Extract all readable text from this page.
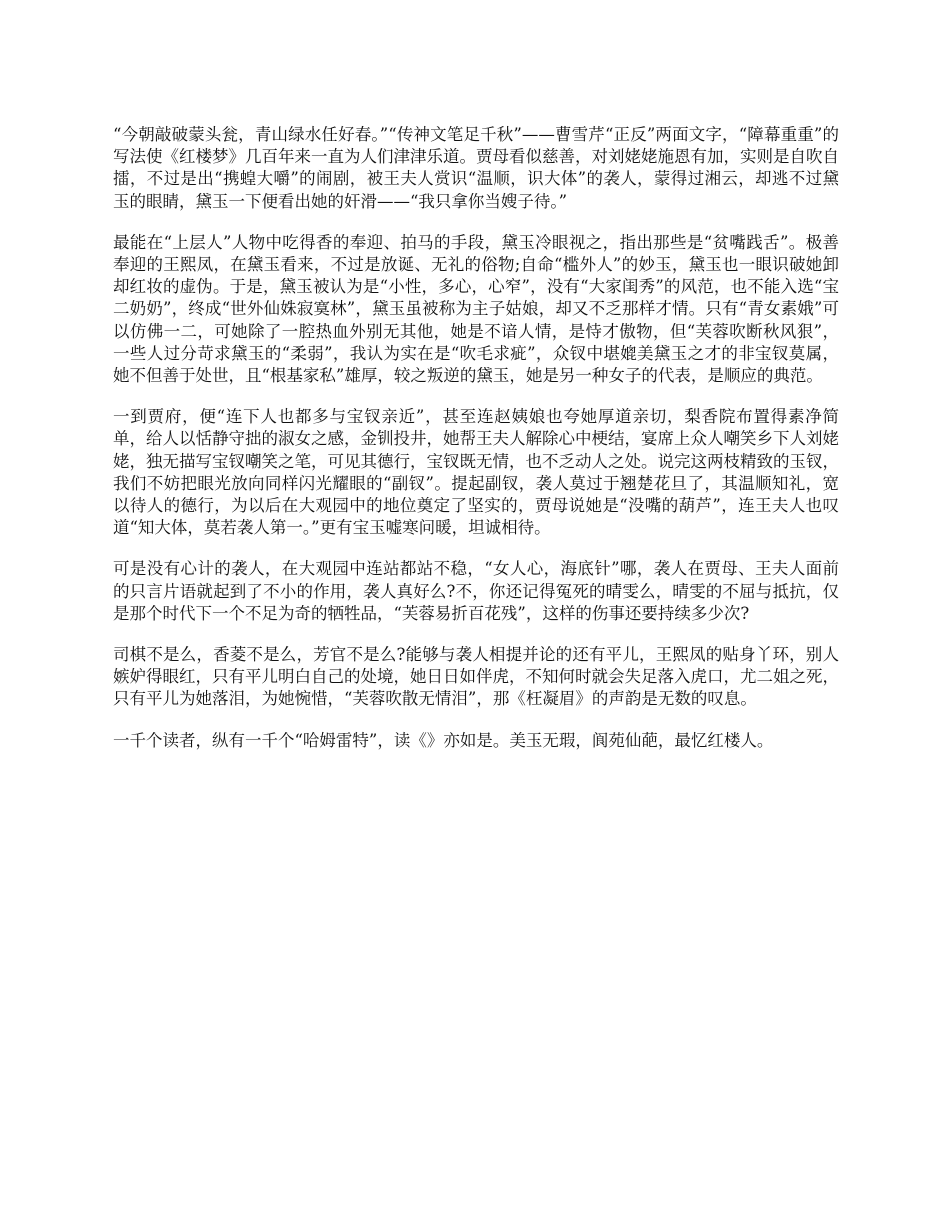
“今朝敲破蒙头瓮，青山绿水任好春。”“传神文笔足千秋”——曹雪芹“正反”两面文字，“障幕重重”的写法使《红楼梦》几百年来一直为人们津津乐道。贾母看似慈善，对刘姥姥施恩有加，实则是自吹自擂，不过是出“携蝗大嚼”的闹剧，被王夫人赏识“温顺，识大体”的袭人，蒙得过湘云，却逃不过黛玉的眼睛，黛玉一下便看出她的奸滑——“我只拿你当嫂子待。”

最能在“上层人”人物中吃得香的奉迎、拍马的手段，黛玉冷眼视之，指出那些是“贫嘴践舌”。极善奉迎的王熙凤，在黛玉看来，不过是放诞、无礼的俗物;自命“槛外人”的妙玉，黛玉也一眼识破她卸却红妆的虚伪。于是，黛玉被认为是“小性，多心，心窄”，没有“大家闺秀”的风范，也不能入选“宝二奶奶”，终成“世外仙姝寂寞林”，黛玉虽被称为主子姑娘，却又不乏那样才情。只有“青女素娥”可以仿佛一二，可她除了一腔热血外别无其他，她是不谙人情，是恃才傲物，但“芙蓉吹断秋风狠”，一些人过分苛求黛玉的“柔弱”，我认为实在是“吹毛求疵”，众钗中堪媲美黛玉之才的非宝钗莫属，她不但善于处世，且“根基家私”雄厚，较之叛逆的黛玉，她是另一种女子的代表，是顺应的典范。

一到贾府，便“连下人也都多与宝钗亲近”，甚至连赵姨娘也夸她厚道亲切，梨香院布置得素净简单，给人以恬静守拙的淑女之感，金钏投井，她帮王夫人解除心中梗结，宴席上众人嘲笑乡下人刘姥姥，独无描写宝钗嘲笑之笔，可见其德行，宝钗既无情，也不乏动人之处。说完这两枝精致的玉钗，我们不妨把眼光放向同样闪光耀眼的“副钗”。提起副钗，袭人莫过于翘楚花旦了，其温顺知礼，宽以待人的德行，为以后在大观园中的地位奠定了坚实的，贾母说她是“没嘴的葫芦”，连王夫人也叹道“知大体，莫若袭人第一。”更有宝玉嘘寒问暖，坦诚相待。

可是没有心计的袭人，在大观园中连站都站不稳，“女人心，海底针”哪，袭人在贾母、王夫人面前的只言片语就起到了不小的作用，袭人真好么?不，你还记得冤死的晴雯么，晴雯的不屈与抵抗，仅是那个时代下一个不足为奇的牺牲品，“芙蓉易折百花残”，这样的伤事还要持续多少次?

司棋不是么，香菱不是么，芳官不是么?能够与袭人相提并论的还有平儿，王熙凤的贴身丫环，别人嫉妒得眼红，只有平儿明白自己的处境，她日日如伴虎，不知何时就会失足落入虎口，尤二姐之死，只有平儿为她落泪，为她惋惜，“芙蓉吹散无情泪”，那《枉凝眉》的声韵是无数的叹息。

一千个读者，纵有一千个“哈姆雷特”，读《》亦如是。美玉无瑕，阆苑仙葩，最忆红楼人。
